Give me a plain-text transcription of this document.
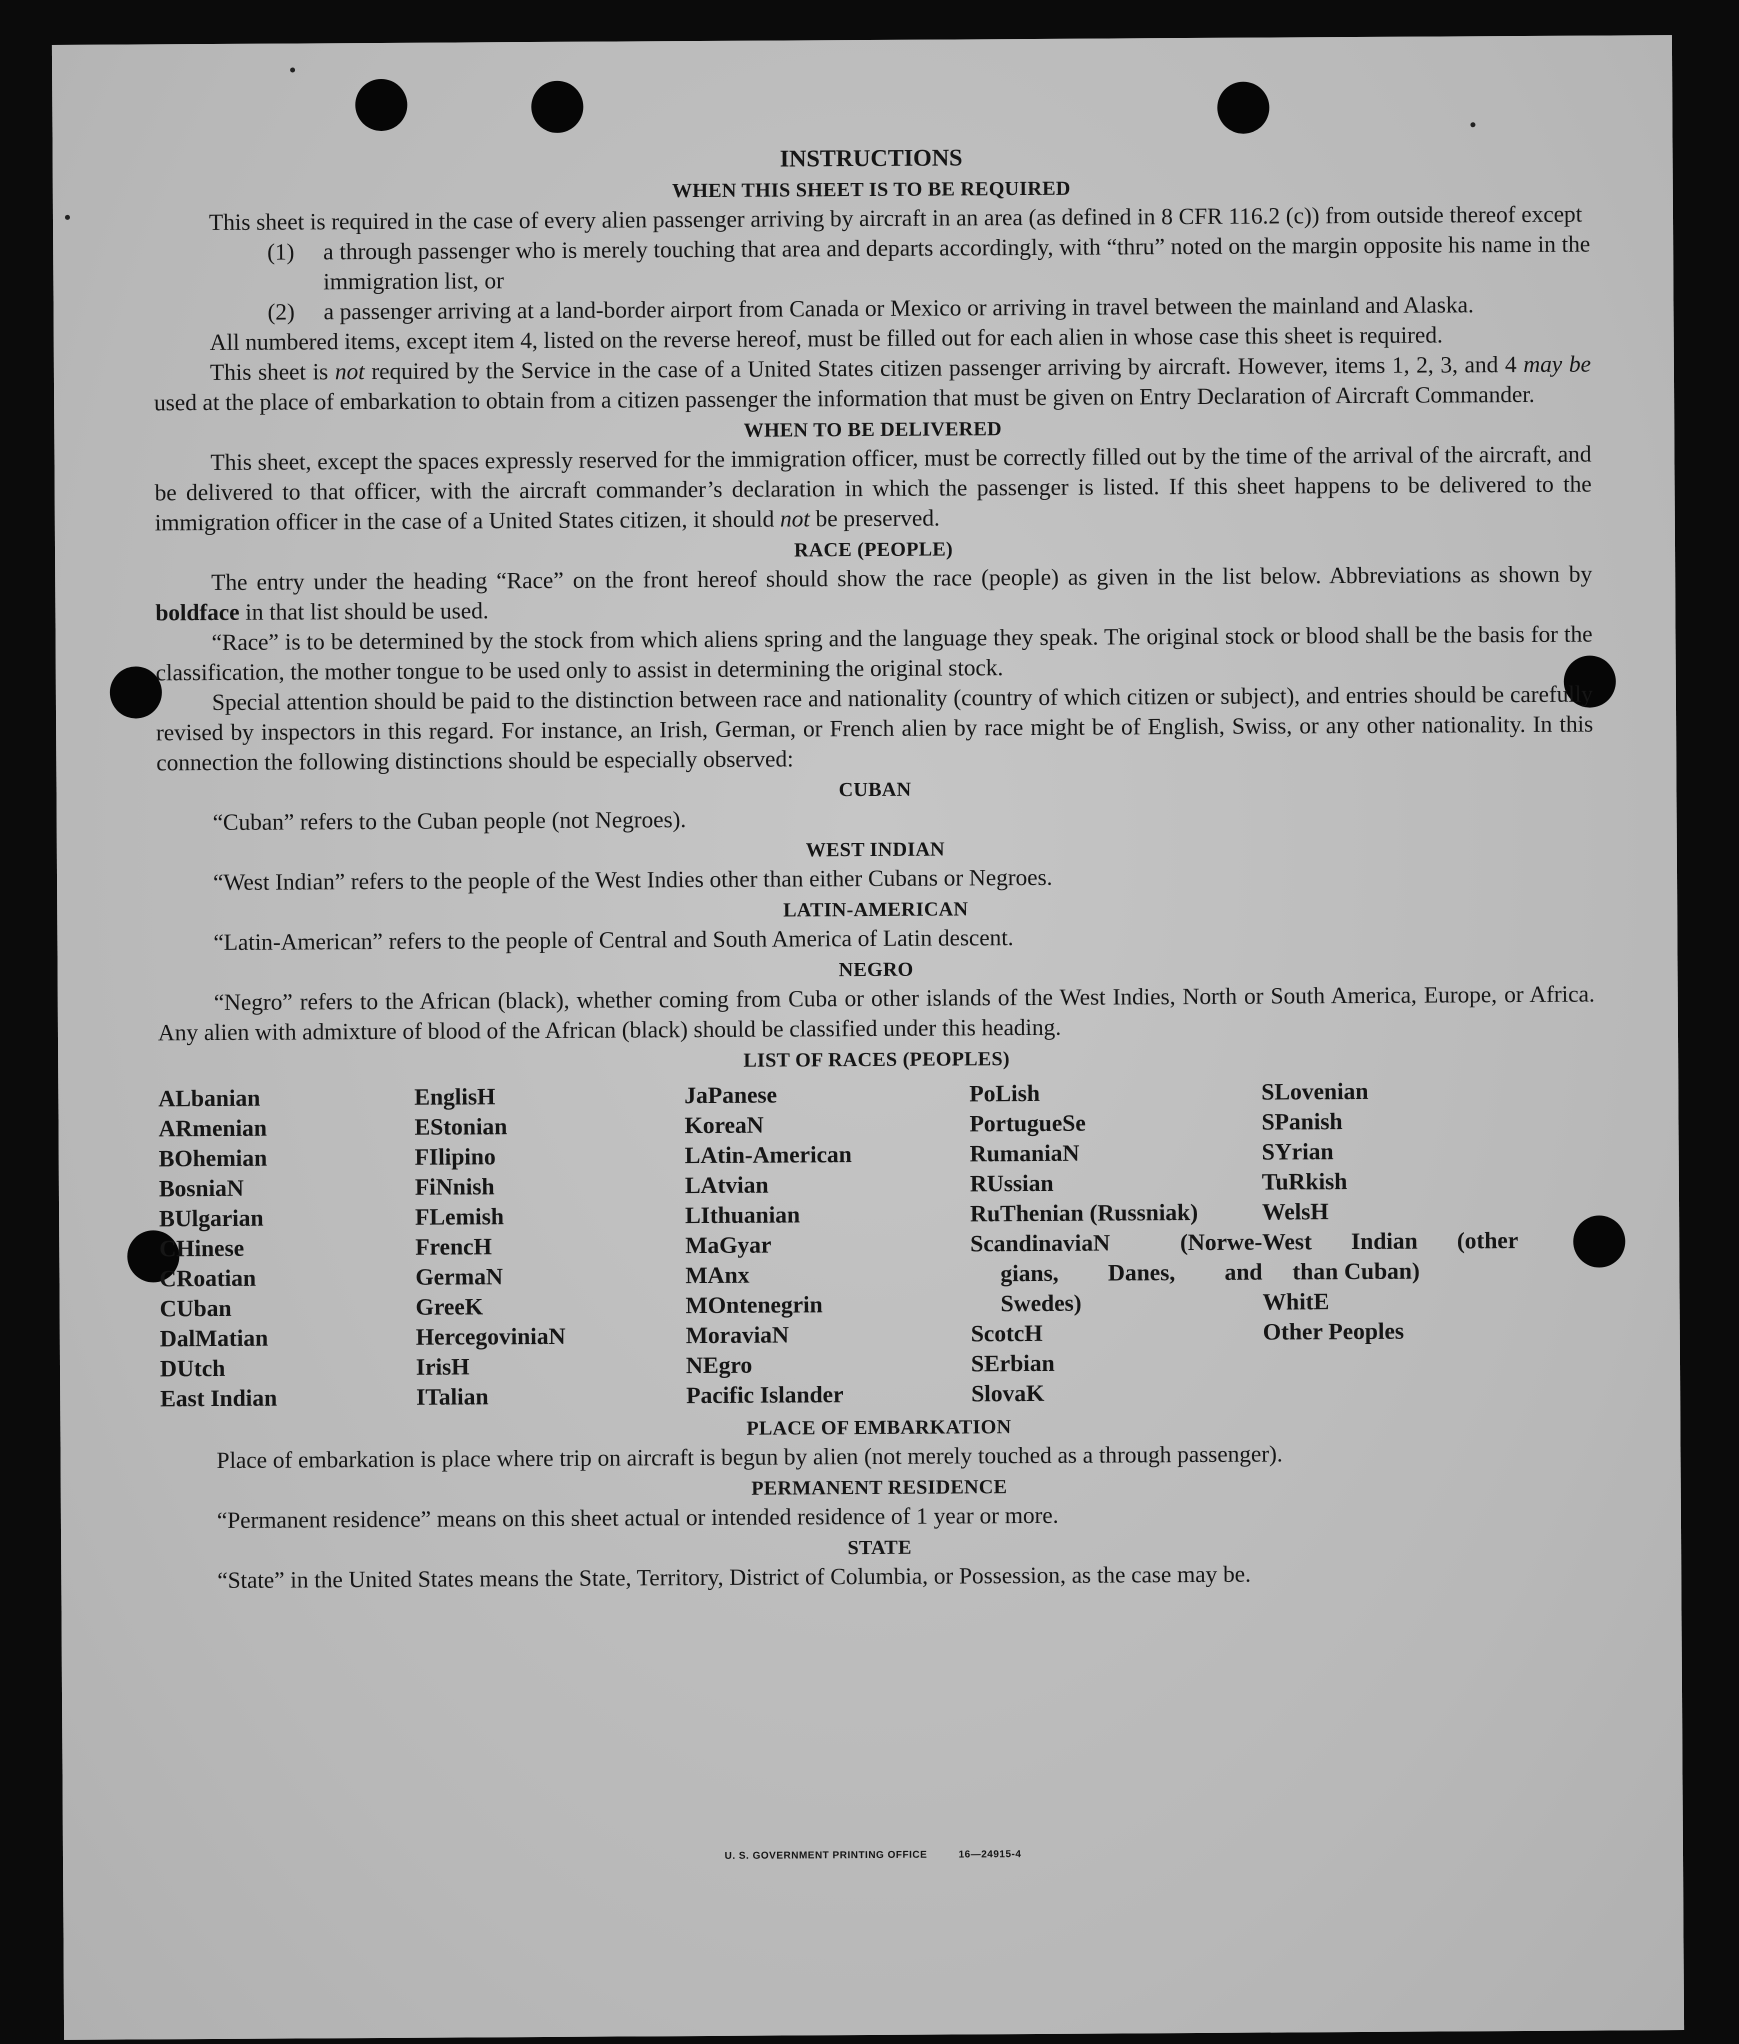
INSTRUCTIONS
WHEN THIS SHEET IS TO BE REQUIRED

This sheet is required in the case of every alien passenger arriving by aircraft in an area (as defined in 8 CFR 116.2 (c)) from outside thereof except

(1)	a through passenger who is merely touching that area and departs accordingly, with “thru” noted on the margin opposite his name in the immigration list, or
(2)	a passenger arriving at a land-border airport from Canada or Mexico or arriving in travel between the mainland and Alaska.

All numbered items, except item 4, listed on the reverse hereof, must be filled out for each alien in whose case this sheet is required.

This sheet is not required by the Service in the case of a United States citizen passenger arriving by aircraft. However, items 1, 2, 3, and 4 may be used at the place of embarkation to obtain from a citizen passenger the information that must be given on Entry Declaration of Aircraft Commander.

WHEN TO BE DELIVERED

This sheet, except the spaces expressly reserved for the immigration officer, must be correctly filled out by the time of the arrival of the aircraft, and be delivered to that officer, with the aircraft commander’s declaration in which the passenger is listed. If this sheet happens to be delivered to the immigration officer in the case of a United States citizen, it should not be preserved.

RACE (PEOPLE)

The entry under the heading “Race” on the front hereof should show the race (people) as given in the list below. Abbreviations as shown by boldface in that list should be used.

“Race” is to be determined by the stock from which aliens spring and the language they speak. The original stock or blood shall be the basis for the classification, the mother tongue to be used only to assist in determining the original stock.

Special attention should be paid to the distinction between race and nationality (country of which citizen or subject), and entries should be carefully revised by inspectors in this regard. For instance, an Irish, German, or French alien by race might be of English, Swiss, or any other nationality. In this connection the following distinctions should be especially observed:

CUBAN

“Cuban” refers to the Cuban people (not Negroes).

WEST INDIAN

“West Indian” refers to the people of the West Indies other than either Cubans or Negroes.

LATIN-AMERICAN

“Latin-American” refers to the people of Central and South America of Latin descent.

NEGRO

“Negro” refers to the African (black), whether coming from Cuba or other islands of the West Indies, North or South America, Europe, or Africa. Any alien with admixture of blood of the African (black) should be classified under this heading.

LIST OF RACES (PEOPLES)
ALbanian
ARmenian
BOhemian
BosniaN
BUlgarian
CHinese
CRoatian
CUban
DalMatian
DUtch
East Indian
EnglisH
EStonian
FIlipino
FiNnish
FLemish
FrencH
GermaN
GreeK
HercegoviniaN
IrisH
ITalian
JaPanese
KoreaN
LAtin-American
LAtvian
LIthuanian
MaGyar
MAnx
MOntenegrin
MoraviaN
NEgro
Pacific Islander
PoLish
PortugueSe
RumaniaN
RUssian
RuThenian (Russniak)
ScandinaviaN	(Norwe-
gians, Danes, and
Swedes)
ScotcH
SErbian
SlovaK
SLovenian
SPanish
SYrian
TuRkish
WelsH
West Indian (other
than Cuban)
WhitE
Other Peoples
PLACE OF EMBARKATION

Place of embarkation is place where trip on aircraft is begun by alien (not merely touched as a through passenger).

PERMANENT RESIDENCE

“Permanent residence” means on this sheet actual or intended residence of 1 year or more.

STATE

“State” in the United States means the State, Territory, District of Columbia, or Possession, as the case may be.

U. S. GOVERNMENT PRINTING OFFICE	16—24915-4
